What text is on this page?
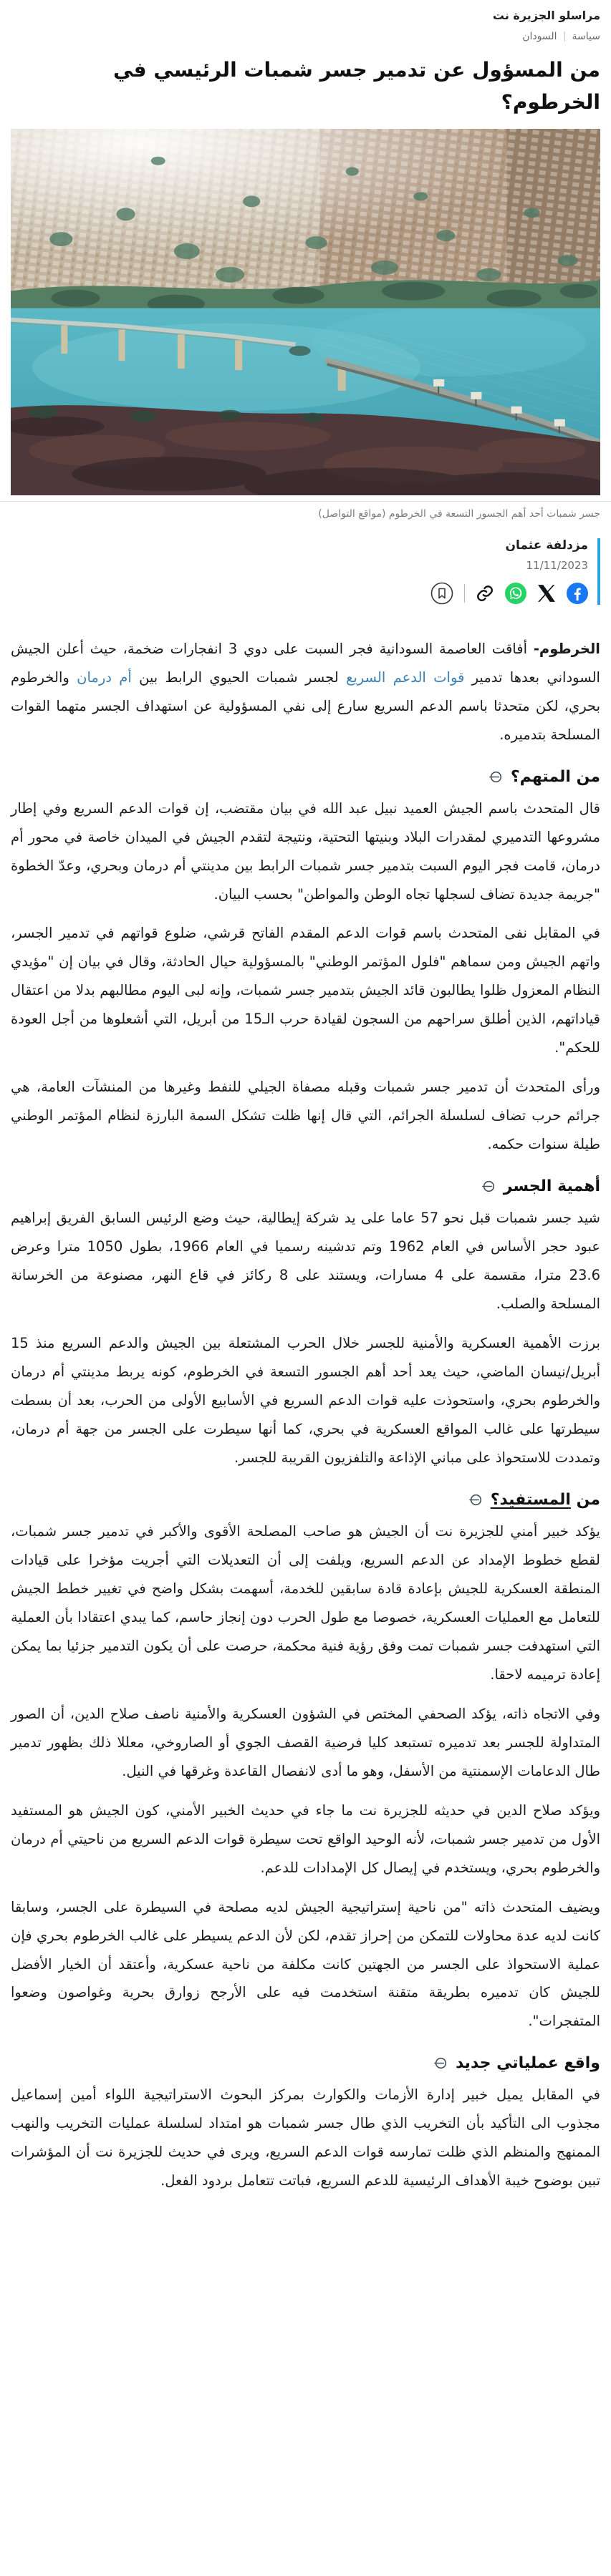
مراسلو الجزيرة نت
سياسة
السودان
من المسؤول عن تدمير جسر شمبات الرئيسي في الخرطوم؟
جسر شمبات أحد أهم الجسور التسعة في الخرطوم (مواقع التواصل)
مزدلفة عثمان
11/11/2023

الخرطوم- أفاقت العاصمة السودانية فجر السبت على دوي 3 انفجارات ضخمة، حيث أعلن الجيش السوداني بعدها تدمير قوات الدعم السريع لجسر شمبات الحيوي الرابط بين أم درمان والخرطوم بحري، لكن متحدثا باسم الدعم السريع سارع إلى نفي المسؤولية عن استهداف الجسر متهما القوات المسلحة بتدميره.

من المتهم؟

قال المتحدث باسم الجيش العميد نبيل عبد الله في بيان مقتضب، إن قوات الدعم السريع وفي إطار مشروعها التدميري لمقدرات البلاد وبنيتها التحتية، ونتيجة لتقدم الجيش في الميدان خاصة في محور أم درمان، قامت فجر اليوم السبت بتدمير جسر شمبات الرابط بين مدينتي أم درمان وبحري، وعدّ الخطوة "جريمة جديدة تضاف لسجلها تجاه الوطن والمواطن" بحسب البيان.

في المقابل نفى المتحدث باسم قوات الدعم المقدم الفاتح قرشي، ضلوع قواتهم في تدمير الجسر، واتهم الجيش ومن سماهم "فلول المؤتمر الوطني" بالمسؤولية حيال الحادثة، وقال في بيان إن "مؤيدي النظام المعزول ظلوا يطالبون قائد الجيش بتدمير جسر شمبات، وإنه لبى اليوم مطالبهم بدلا من اعتقال قياداتهم، الذين أطلق سراحهم من السجون لقيادة حرب الـ15 من أبريل، التي أشعلوها من أجل العودة للحكم".

ورأى المتحدث أن تدمير جسر شمبات وقبله مصفاة الجيلي للنفط وغيرها من المنشآت العامة، هي جرائم حرب تضاف لسلسلة الجرائم، التي قال إنها ظلت تشكل السمة البارزة لنظام المؤتمر الوطني طيلة سنوات حكمه.

أهمية الجسر

شيد جسر شمبات قبل نحو 57 عاما على يد شركة إيطالية، حيث وضع الرئيس السابق الفريق إبراهيم عبود حجر الأساس في العام 1962 وتم تدشينه رسميا في العام 1966، بطول 1050 مترا وعرض 23.6 مترا، مقسمة على 4 مسارات، ويستند على 8 ركائز في قاع النهر، مصنوعة من الخرسانة المسلحة والصلب.

برزت الأهمية العسكرية والأمنية للجسر خلال الحرب المشتعلة بين الجيش والدعم السريع منذ 15 أبريل/نيسان الماضي، حيث يعد أحد أهم الجسور التسعة في الخرطوم، كونه يربط مدينتي أم درمان والخرطوم بحري، واستحوذت عليه قوات الدعم السريع في الأسابيع الأولى من الحرب، بعد أن بسطت سيطرتها على غالب المواقع العسكرية في بحري، كما أنها سيطرت على الجسر من جهة أم درمان، وتمددت للاستحواذ على مباني الإذاعة والتلفزيون القريبة للجسر.

من المستفيد؟

يؤكد خبير أمني للجزيرة نت أن الجيش هو صاحب المصلحة الأقوى والأكبر في تدمير جسر شمبات، لقطع خطوط الإمداد عن الدعم السريع، ويلفت إلى أن التعديلات التي أجريت مؤخرا على قيادات المنطقة العسكرية للجيش بإعادة قادة سابقين للخدمة، أسهمت بشكل واضح في تغيير خطط الجيش للتعامل مع العمليات العسكرية، خصوصا مع طول الحرب دون إنجاز حاسم، كما يبدي اعتقادا بأن العملية التي استهدفت جسر شمبات تمت وفق رؤية فنية محكمة، حرصت على أن يكون التدمير جزئيا بما يمكن إعادة ترميمه لاحقا.

وفي الاتجاه ذاته، يؤكد الصحفي المختص في الشؤون العسكرية والأمنية ناصف صلاح الدين، أن الصور المتداولة للجسر بعد تدميره تستبعد كليا فرضية القصف الجوي أو الصاروخي، معللا ذلك بظهور تدمير طال الدعامات الإسمنتية من الأسفل، وهو ما أدى لانفصال القاعدة وغرقها في النيل.

ويؤكد صلاح الدين في حديثه للجزيرة نت ما جاء في حديث الخبير الأمني، كون الجيش هو المستفيد الأول من تدمير جسر شمبات، لأنه الوحيد الواقع تحت سيطرة قوات الدعم السريع من ناحيتي أم درمان والخرطوم بحري، ويستخدم في إيصال كل الإمدادات للدعم.

ويضيف المتحدث ذاته "من ناحية إستراتيجية الجيش لديه مصلحة في السيطرة على الجسر، وسابقا كانت لديه عدة محاولات للتمكن من إحراز تقدم، لكن لأن الدعم يسيطر على غالب الخرطوم بحري فإن عملية الاستحواذ على الجسر من الجهتين كانت مكلفة من ناحية عسكرية، وأعتقد أن الخيار الأفضل للجيش كان تدميره بطريقة متقنة استخدمت فيه على الأرجح زوارق بحرية وغواصون وضعوا المتفجرات".

واقع عملياتي جديد

في المقابل يميل خبير إدارة الأزمات والكوارث بمركز البحوث الاستراتيجية اللواء أمين إسماعيل مجذوب الى التأكيد بأن التخريب الذي طال جسر شمبات هو امتداد لسلسلة عمليات التخريب والنهب الممنهج والمنظم الذي ظلت تمارسه قوات الدعم السريع، ويرى في حديث للجزيرة نت أن المؤشرات تبين بوضوح خيبة الأهداف الرئيسية للدعم السريع، فباتت تتعامل بردود الفعل.
